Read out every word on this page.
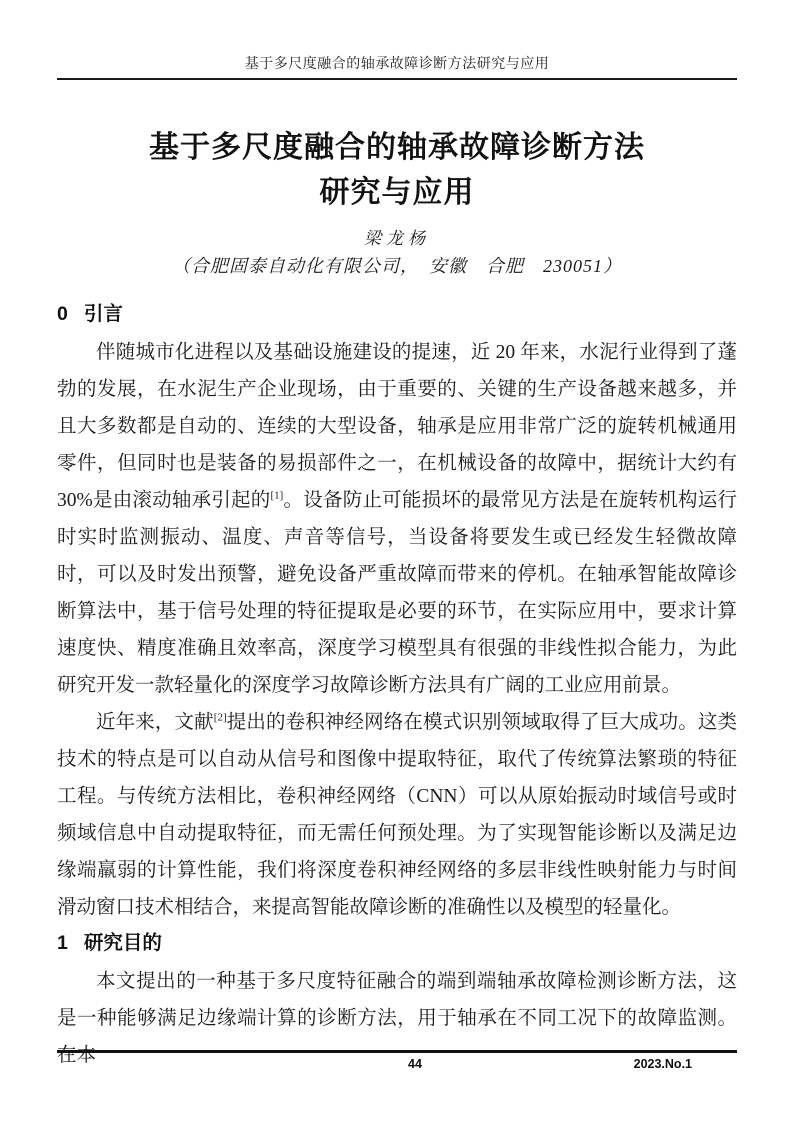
基于多尺度融合的轴承故障诊断方法研究与应用
基于多尺度融合的轴承故障诊断方法
研究与应用
梁龙杨
（合肥固泰自动化有限公司，　安徽　合肥　230051）
0 引言

伴随城市化进程以及基础设施建设的提速，近 20 年来，水泥行业得到了蓬勃的发展，在水泥生产企业现场，由于重要的、关键的生产设备越来越多，并且大多数都是自动的、连续的大型设备，轴承是应用非常广泛的旋转机械通用零件，但同时也是装备的易损部件之一，在机械设备的故障中，据统计大约有 30%是由滚动轴承引起的[1]。设备防止可能损坏的最常见方法是在旋转机构运行时实时监测振动、温度、声音等信号，当设备将要发生或已经发生轻微故障时，可以及时发出预警，避免设备严重故障而带来的停机。在轴承智能故障诊断算法中，基于信号处理的特征提取是必要的环节，在实际应用中，要求计算速度快、精度准确且效率高，深度学习模型具有很强的非线性拟合能力，为此研究开发一款轻量化的深度学习故障诊断方法具有广阔的工业应用前景。

近年来，文献[2]提出的卷积神经网络在模式识别领域取得了巨大成功。这类技术的特点是可以自动从信号和图像中提取特征，取代了传统算法繁琐的特征工程。与传统方法相比，卷积神经网络（CNN）可以从原始振动时域信号或时频域信息中自动提取特征，而无需任何预处理。为了实现智能诊断以及满足边缘端羸弱的计算性能，我们将深度卷积神经网络的多层非线性映射能力与时间滑动窗口技术相结合，来提高智能故障诊断的准确性以及模型的轻量化。

1 研究目的

本文提出的一种基于多尺度特征融合的端到端轴承故障检测诊断方法，这是一种能够满足边缘端计算的诊断方法，用于轴承在不同工况下的故障监测。在本	44	2023.No.1
